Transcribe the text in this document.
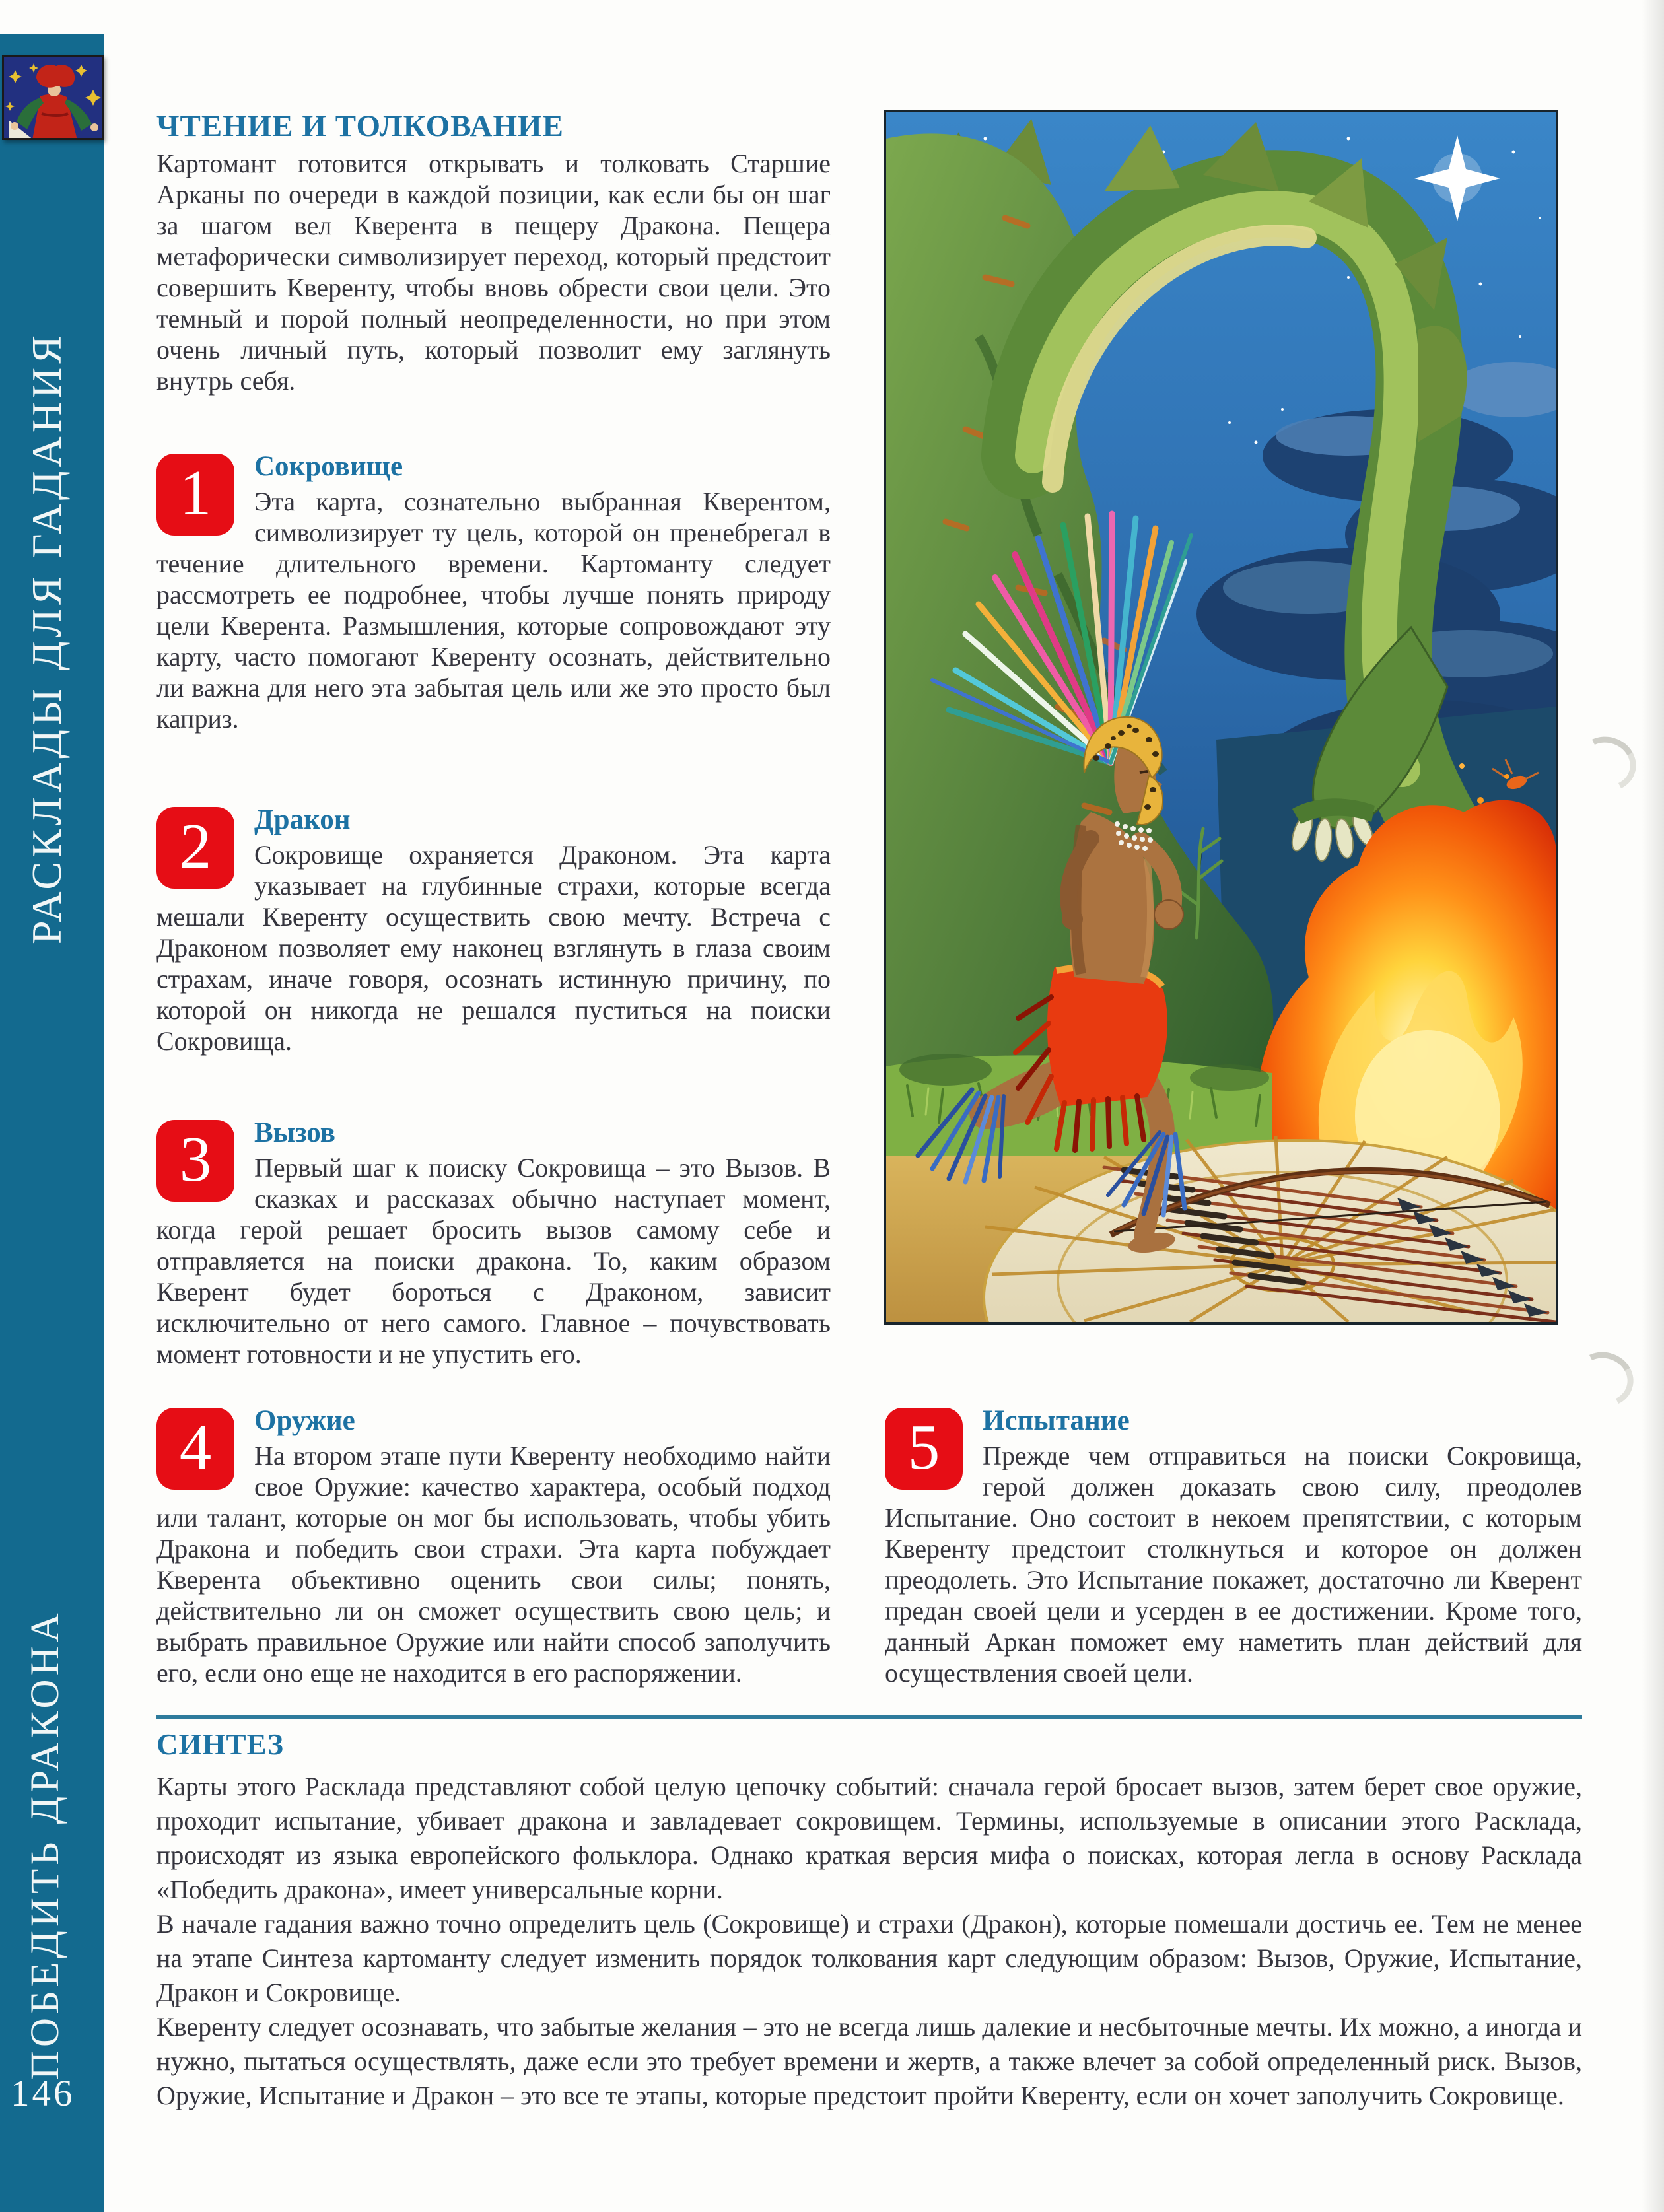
РАСКЛАДЫ ДЛЯ ГАДАНИЯ
ПОБЕДИТЬ ДРАКОНА
146
ЧТЕНИЕ И ТОЛКОВАНИЕ
Картомант готовится открывать и толковать Старшие Арканы по очереди в каждой позиции, как если бы он шаг за шагом вел Кверента в пещеру Дракона. Пещера метафорически символизирует переход, который предстоит совершить Кверенту, чтобы вновь обрести свои цели. Это темный и порой полный неопределенности, но при этом очень личный путь, который позволит ему заглянуть внутрь себя.
1	Сокровище

Эта карта, сознательно выбранная Кверентом, символизирует ту цель, которой он пренебрегал в течение длительного времени. Картоманту следует рассмотреть ее подробнее, чтобы лучше понять природу цели Кверента. Размышления, которые сопровождают эту карту, часто помогают Кверенту осознать, действительно ли важна для него эта забытая цель или же это просто был каприз.

2	Дракон

Сокровище охраняется Драконом. Эта карта указывает на глубинные страхи, которые всегда мешали Кверенту осуществить свою мечту. Встреча с Драконом позволяет ему наконец взглянуть в глаза своим страхам, иначе говоря, осознать истинную причину, по которой он никогда не решался пуститься на поиски Сокровища.

3	Вызов

Первый шаг к поиску Сокровища – это Вызов. В сказках и рассказах обычно наступает момент, когда герой решает бросить вызов самому себе и отправляется на поиски дракона. То, каким образом Кверент будет бороться с Драконом, зависит исключительно от него самого. Главное – почувствовать момент готовности и не упустить его.

4	Оружие

На втором этапе пути Кверенту необходимо найти свое Оружие: качество характера, особый подход или талант, которые он мог бы использовать, чтобы убить Дракона и победить свои страхи. Эта карта побуждает Кверента объективно оценить свои силы; понять, действительно ли он сможет осуществить свою цель; и выбрать правильное Оружие или найти способ заполучить его, если оно еще не находится в его распоряжении.

5	Испытание

Прежде чем отправиться на поиски Сокровища, герой должен доказать свою силу, преодолев Испытание. Оно состоит в некоем препятствии, с которым Кверенту предстоит столкнуться и которое он должен преодолеть. Это Испытание покажет, достаточно ли Кверент предан своей цели и усерден в ее достижении. Кроме того, данный Аркан поможет ему наметить план действий для осуществления своей цели.

СИНТЕЗ

Карты этого Расклада представляют собой целую цепочку событий: сначала герой бросает вызов, затем берет свое оружие, проходит испытание, убивает дракона и завладевает сокровищем. Термины, используемые в описании этого Расклада, происходят из языка европейского фольклора. Однако краткая версия мифа о поисках, которая легла в основу Расклада «Победить дракона», имеет универсальные корни.

В начале гадания важно точно определить цель (Сокровище) и страхи (Дракон), которые помешали достичь ее. Тем не менее на этапе Синтеза картоманту следует изменить порядок толкования карт следующим образом: Вызов, Оружие, Испытание, Дракон и Сокровище.

Кверенту следует осознавать, что забытые желания – это не всегда лишь далекие и несбыточные мечты. Их можно, а иногда и нужно, пытаться осуществлять, даже если это требует времени и жертв, а также влечет за собой определенный риск. Вызов, Оружие, Испытание и Дракон – это все те этапы, которые предстоит пройти Кверенту, если он хочет заполучить Сокровище.
